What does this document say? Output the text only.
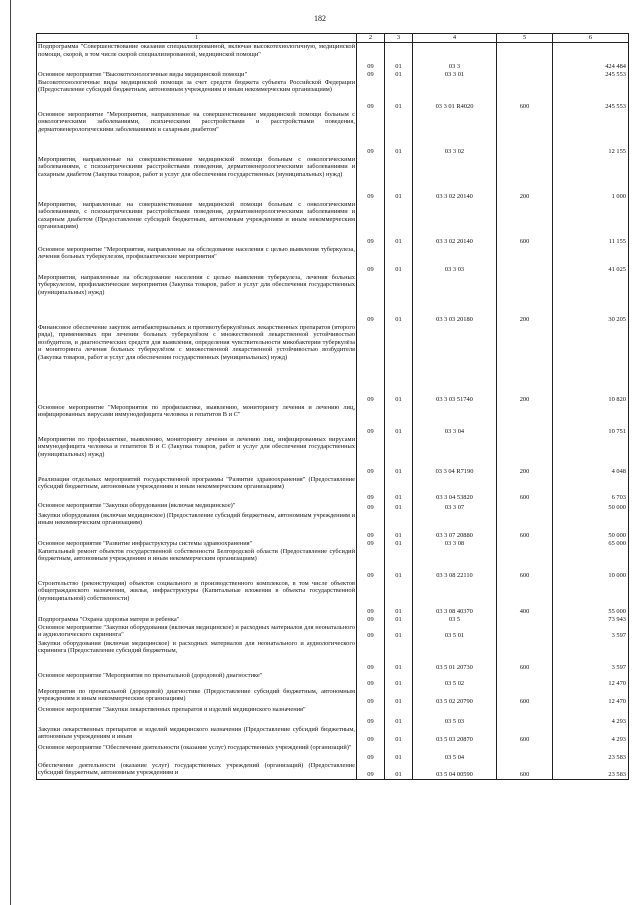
182
1	2	3	4	5	6
Подпрограмма "Совершенствование оказания специализированной, включая высокотехнологичную, медицинской помощи, скорой, в том числе скорой специализированной, медицинской помощи"	09	01	03 3		424 484
Основное мероприятие "Высокотехнологичные виды медицинской помощи"	09	01	03 3 01		245 553
Высокотехнологичные виды медицинской помощи за счет средств бюджета субъекта Российской Федерации (Предоставление субсидий бюджетным, автономным учреждениям и иным некоммерческим организациям)	09	01	03 3 01 R4020	600	245 553
Основное мероприятие "Мероприятия, направленные на совершенствование медицинской помощи больным с онкологическими заболеваниями, психическими расстройствами и расстройствами поведения, дерматовенерологическими заболеваниями и сахарным диабетом"	09	01	03 3 02		12 155
Мероприятия, направленные на совершенствование медицинской помощи больным с онкологическими заболеваниями, с психиатрическими расстройствами поведения, дерматовенерологическими заболеваниями и сахарным диабетом (Закупка товаров, работ и услуг для обеспечения государственных (муниципальных) нужд)	09	01	03 3 02 20140	200	1 000
Мероприятия, направленные на совершенствование медицинской помощи больным с онкологическими заболеваниями, с психиатрическими расстройствами поведения, дерматовенерологическими заболеваниями и сахарным диабетом (Предоставление субсидий бюджетным, автономным учреждениям и иным некоммерческим организациям)	09	01	03 3 02 20140	600	11 155
Основное мероприятие "Мероприятия, направленные на обследование населения с целью выявления туберкулеза, лечения больных туберкулезом, профилактические мероприятия"	09	01	03 3 03		41 025
Мероприятия, направленные на обследование населения с целью выявления туберкулеза, лечения больных туберкулезом, профилактические мероприятия (Закупка товаров, работ и услуг для обеспечения государственных (муниципальных) нужд)	09	01	03 3 03 20180	200	30 205
Финансовое обеспечение закупок антибактериальных и противотуберкулёзных лекарственных препаратов (второго ряда), применяемых при лечении больных туберкулёзом с множественной лекарственной устойчивостью возбудителя, и диагностических средств для выявления, определения чувствительности микобактерии туберкулёза и мониторинга лечения больных туберкулёзом с множественной лекарственной устойчивостью возбудителя (Закупка товаров, работ и услуг для обеспечения государственных (муниципальных) нужд)	09	01	03 3 03 51740	200	10 820
Основное мероприятие "Мероприятия по профилактике, выявлению, мониторингу лечения и лечению лиц, инфицированных вирусами иммунодефицита человека и гепатитов В и С"	09	01	03 3 04		10 751
Мероприятия по профилактике, выявлению, мониторингу лечения и лечению лиц, инфицированных вирусами иммунодефицита человека и гепатитов В и С (Закупка товаров, работ и услуг для обеспечения государственных (муниципальных) нужд)	09	01	03 3 04 R7190	200	4 048
Реализация отдельных мероприятий государственной программы "Развитие здравоохранения" (Предоставление субсидий бюджетным, автономным учреждениям и иным некоммерческим организациям)	09	01	03 3 04 53820	600	6 703
Основное мероприятие "Закупки оборудования (включая медицинское)"	09	01	03 3 07		50 000
Закупки оборудования (включая медицинское) (Предоставление субсидий бюджетным, автономным учреждениям и иным некоммерческим организациям)	09	01	03 3 07 20880	600	50 000
Основное мероприятие "Развитие инфраструктуры системы здравоохранения"	09	01	03 3 08		65 000
Капитальный ремонт объектов государственной собственности Белгородской области (Предоставление субсидий бюджетным, автономным учреждениям и иным некоммерческим организациям)	09	01	03 3 08 22110	600	10 000
Строительство (реконструкция) объектов социального и производственного комплексов, в том числе объектов общегражданского назначения, жилья, инфраструктуры (Капитальные вложения в объекты государственной (муниципальной) собственности)	09	01	03 3 08 40370	400	55 000
Подпрограмма "Охрана здоровья матери и ребенка"	09	01	03 5		73 943
Основное мероприятие "Закупки оборудования (включая медицинское) и расходных материалов для неонатального и аудиологического скрининга"	09	01	03 5 01		3 597
Закупки оборудования (включая медицинское) и расходных материалов для неонатального и аудиологического скрининга (Предоставление субсидий бюджетным,	09	01	03 5 01 20730	600	3 597
Основное мероприятие "Мероприятия по пренатальной (дородовой) диагностике"	09	01	03 5 02		12 470
Мероприятия по пренатальной (дородовой) диагностике (Предоставление субсидий бюджетным, автономным учреждениям и иным некоммерческим организациям)	09	01	03 5 02 20790	600	12 470
Основное мероприятие "Закупки лекарственных препаратов и изделий медицинского назначения"	09	01	03 5 03		4 293
Закупки лекарственных препаратов и изделий медицинского назначения (Предоставление субсидий бюджетным, автономным учреждениям и иным	09	01	03 5 03 20870	600	4 293
Основное мероприятие "Обеспечение деятельности (оказание услуг) государственных учреждений (организаций)"	09	01	03 5 04		23 583
Обеспечение деятельности (оказание услуг) государственных учреждений (организаций) (Предоставление субсидий бюджетным, автономным учреждениям и	09	01	03 5 04 00590	600	23 583
